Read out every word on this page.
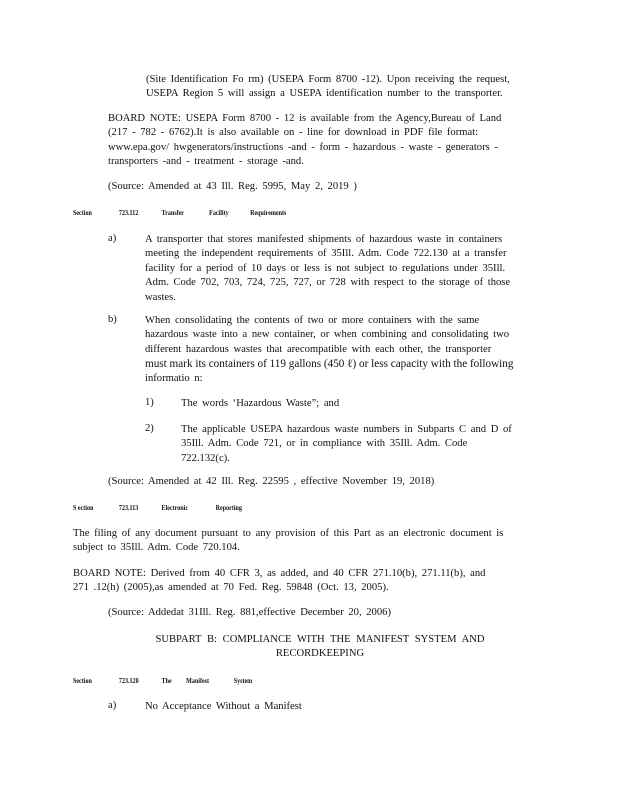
(Site Identification Fo rm) (USEPA Form 8700 -12). Upon receiving the request,
USEPA Region 5 will assign a USEPA identification number to the transporter.
BOARD NOTE: USEPA Form 8700 - 12 is available from the Agency,Bureau of Land
(217 - 782 - 6762).It is also available on - line for download in PDF file format:
www.epa.gov/ hwgenerators/instructions -and - form - hazardous - waste - generators -
transporters -and - treatment - storage -and.
(Source: Amended at 43 Ill. Reg. 5995, May 2, 2019 )
Section	723.112	Transfer	Facility	Requirements
a)	A transporter that stores manifested shipments of hazardous waste in containers
meeting the independent requirements of 35Ill. Adm. Code 722.130 at a transfer
facility for a period of 10 days or less is not subject to regulations under 35Ill.
Adm. Code 702, 703, 724, 725, 727, or 728 with respect to the storage of those
wastes.
b)	When consolidating the contents of two or more containers with the same
hazardous waste into a new container, or when combining and consolidating two
different hazardous wastes that arecompatible with each other, the transporter
must mark its containers of 119 gallons (450 ℓ) or less capacity with the following
informatio n:
1)	The words ‘Hazardous Waste”; and
2)	The applicable USEPA hazardous waste numbers in Subparts C and D of
35Ill. Adm. Code 721, or in compliance with 35Ill. Adm. Code
722.132(c).
(Source: Amended at 42 Ill. Reg. 22595 , effective November 19, 2018)
S ection	723.113	Electronic	Reporting
The filing of any document pursuant to any provision of this Part as an electronic document is
subject to 35Ill. Adm. Code 720.104.
BOARD NOTE: Derived from 40 CFR 3, as added, and 40 CFR 271.10(b), 271.11(b), and
271 .12(h) (2005),as amended at 70 Fed. Reg. 59848 (Oct. 13, 2005).
(Source: Addedat 31Ill. Reg. 881,effective December 20, 2006)
SUBPART B: COMPLIANCE WITH THE MANIFEST SYSTEM AND
RECORDKEEPING
Section	723.120	The Manifest	System
a)	No Acceptance Without a Manifest
